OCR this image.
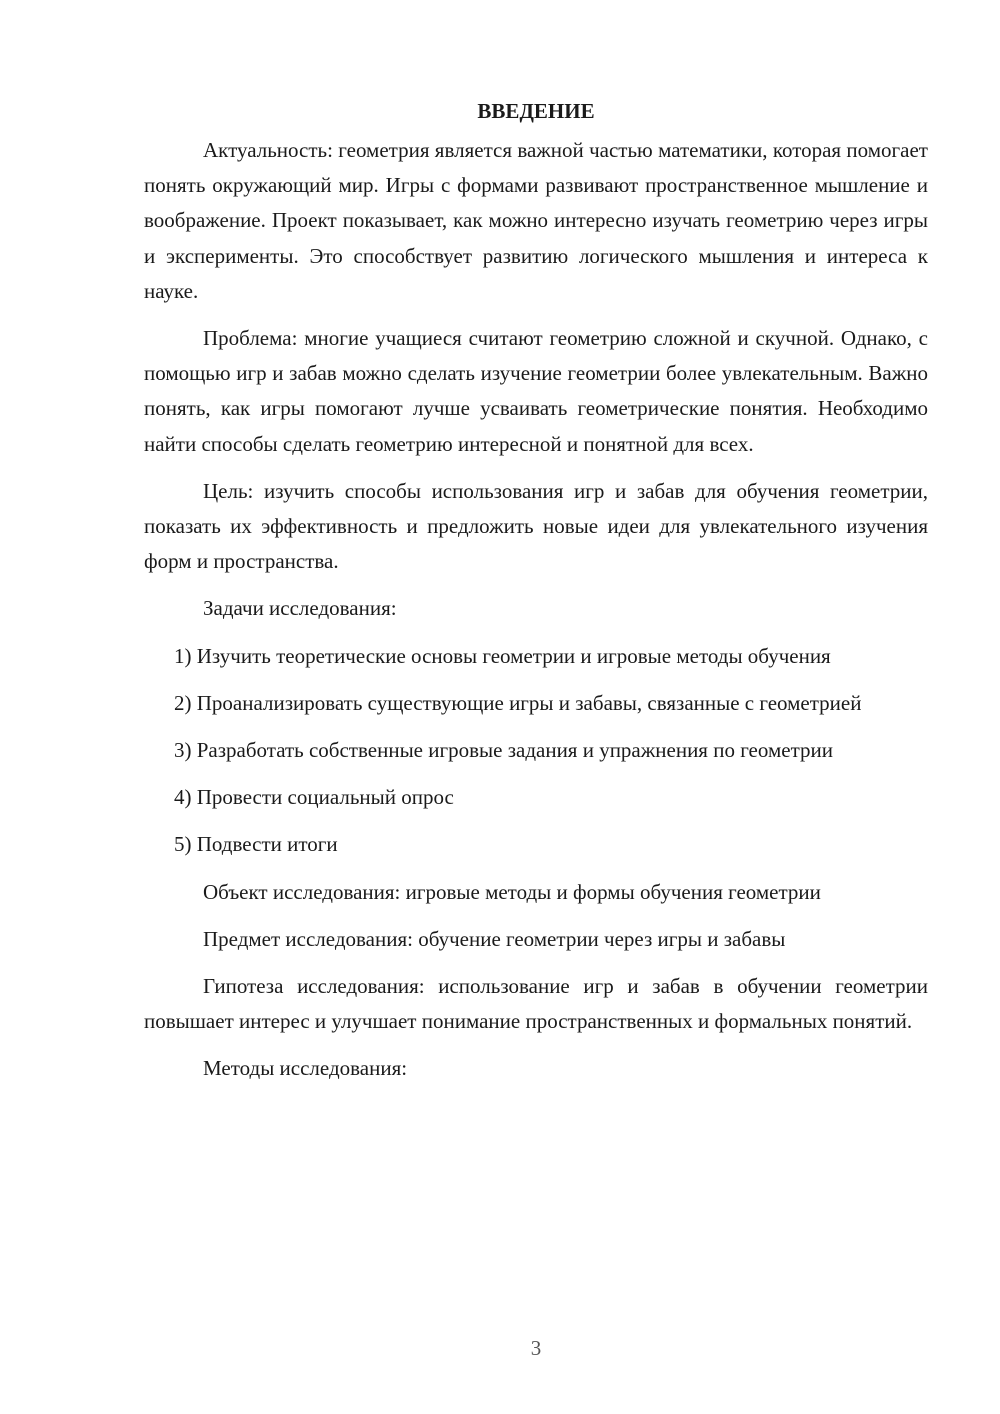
ВВЕДЕНИЕ

Актуальность: геометрия является важной частью математики, которая помогает понять окружающий мир. Игры с формами развивают пространственное мышление и воображение. Проект показывает, как можно интересно изучать геометрию через игры и эксперименты. Это способствует развитию логического мышления и интереса к науке.

Проблема: многие учащиеся считают геометрию сложной и скучной. Однако, с помощью игр и забав можно сделать изучение геометрии более увлекательным. Важно понять, как игры помогают лучше усваивать геометрические понятия. Необходимо найти способы сделать геометрию интересной и понятной для всех.

Цель: изучить способы использования игр и забав для обучения геометрии, показать их эффективность и предложить новые идеи для увлекательного изучения форм и пространства.

Задачи исследования:

1) Изучить теоретические основы геометрии и игровые методы обучения

2) Проанализировать существующие игры и забавы, связанные с геометрией

3) Разработать собственные игровые задания и упражнения по геометрии

4) Провести социальный опрос

5) Подвести итоги

Объект исследования: игровые методы и формы обучения геометрии

Предмет исследования: обучение геометрии через игры и забавы

Гипотеза исследования: использование игр и забав в обучении геометрии повышает интерес и улучшает понимание пространственных и формальных понятий.

Методы исследования:

3
